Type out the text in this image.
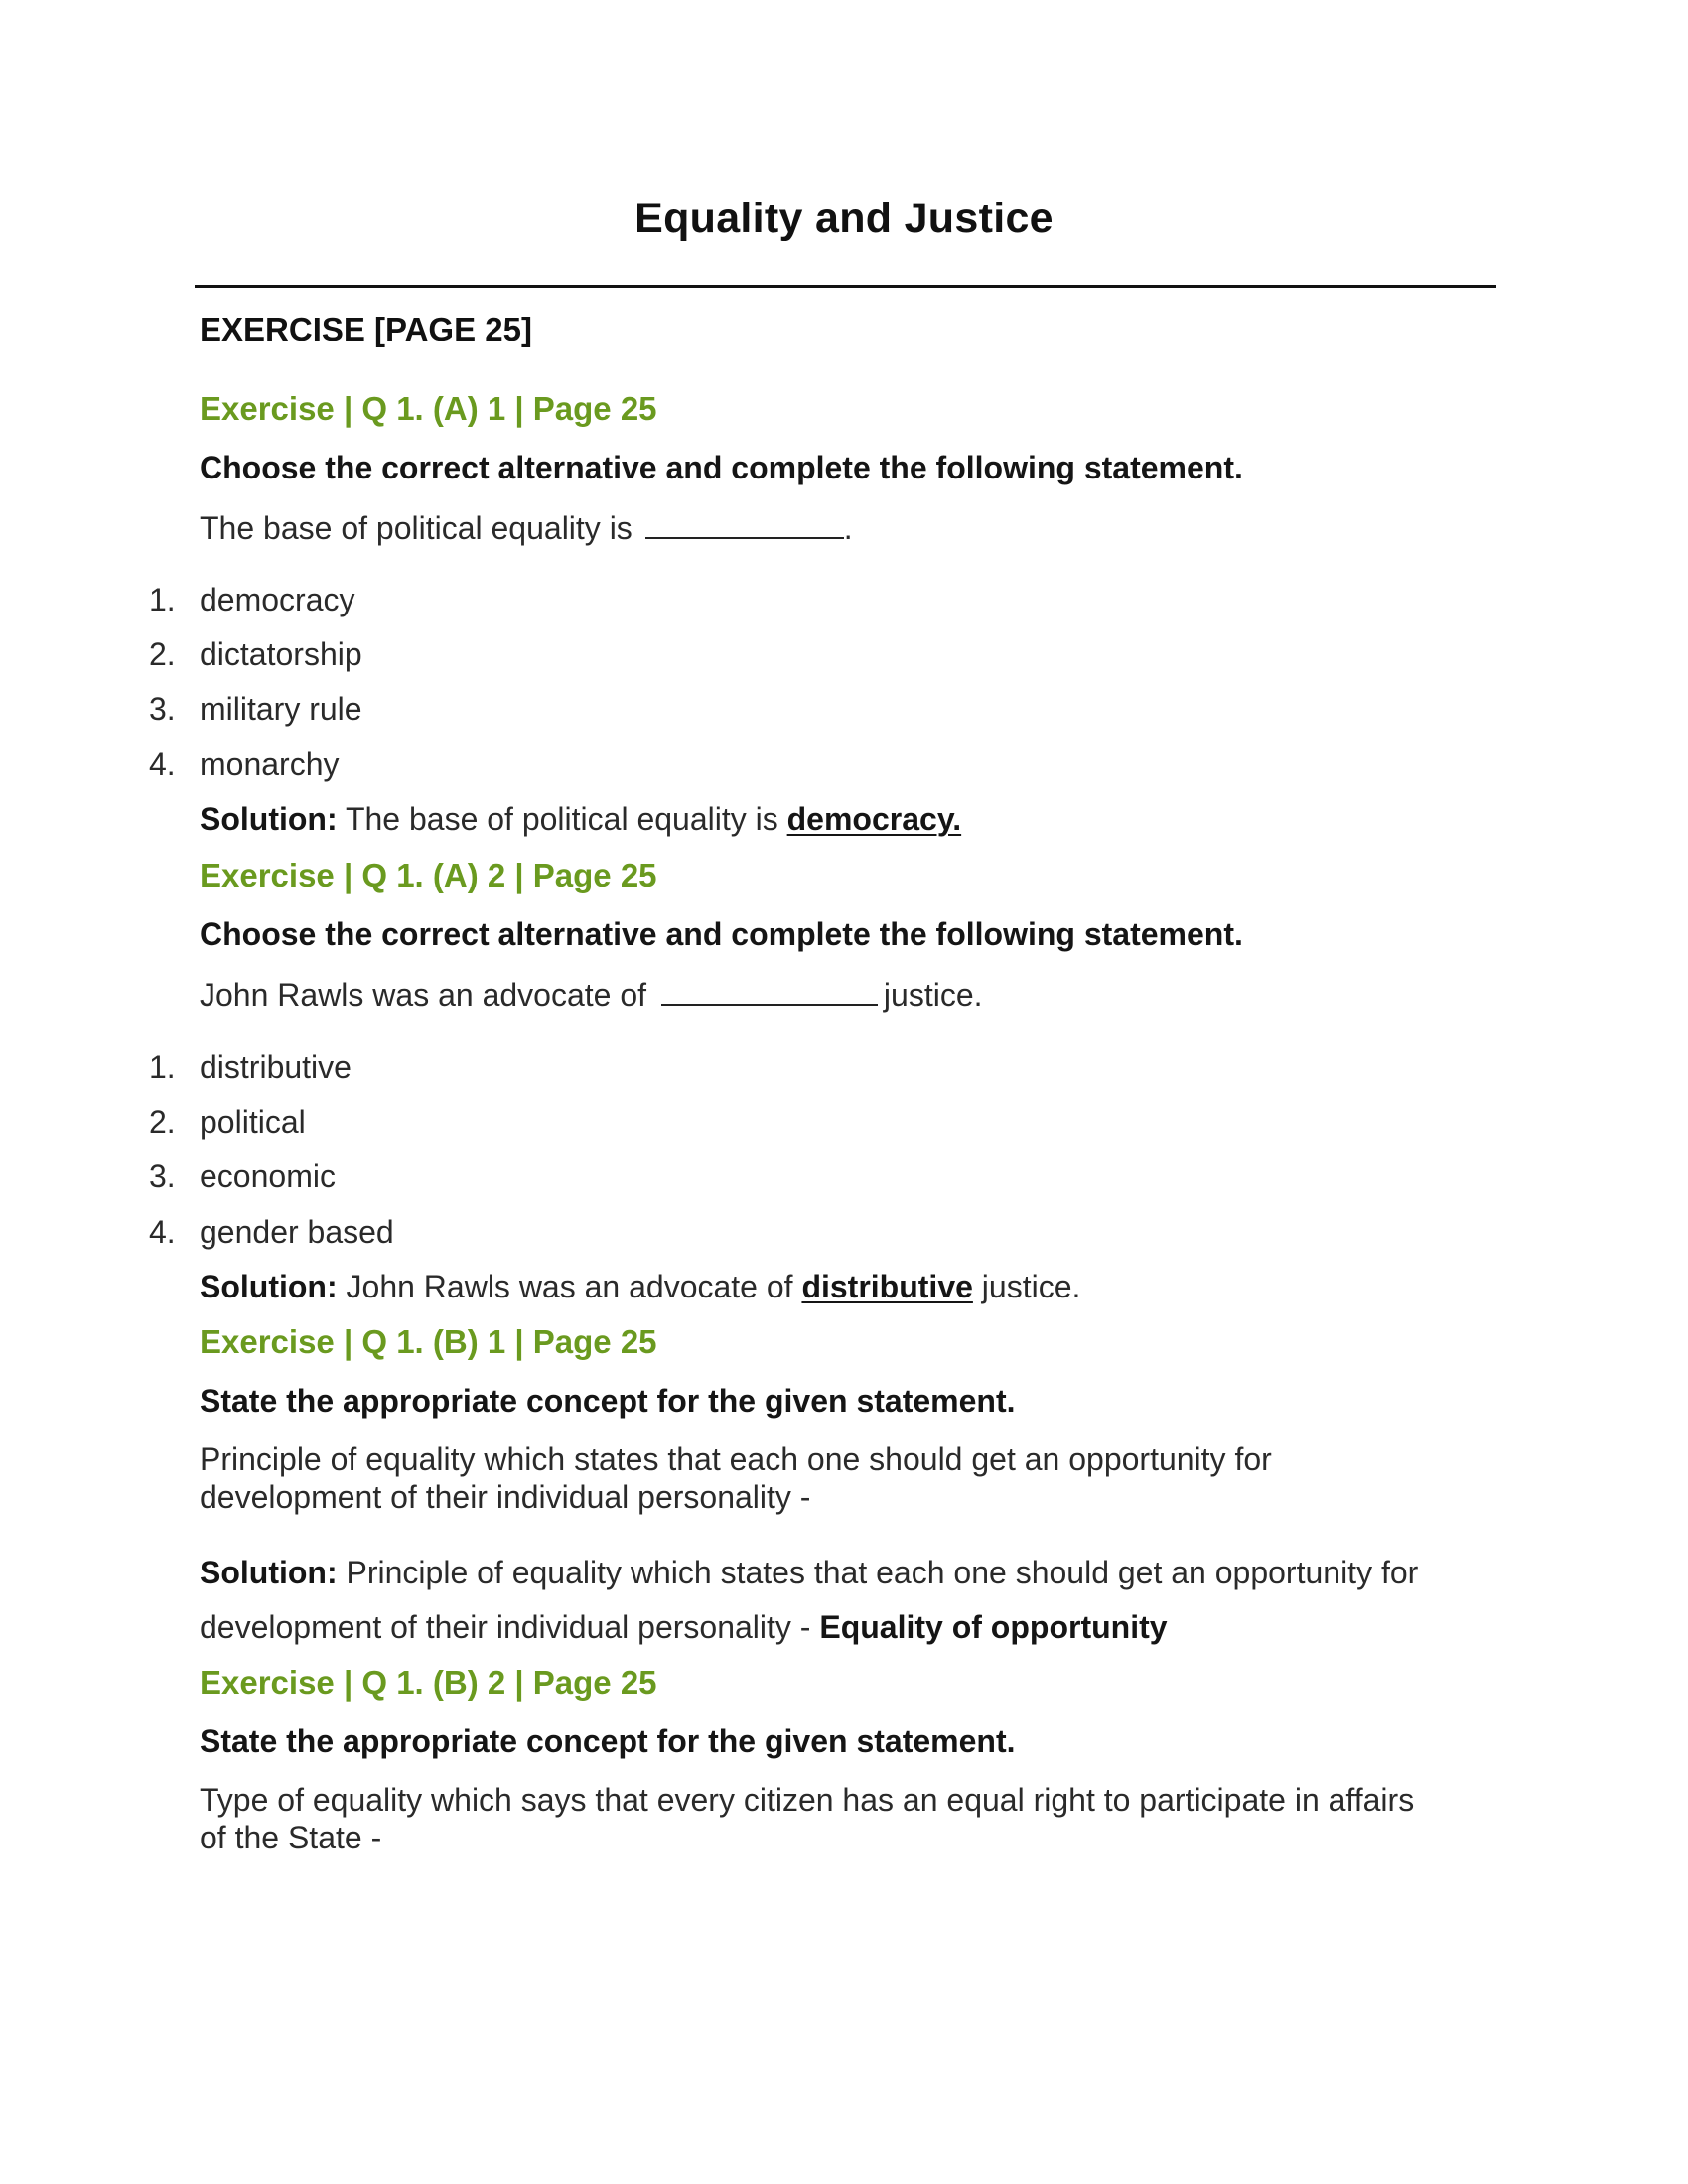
Equality and Justice
EXERCISE [PAGE 25]
Exercise | Q 1. (A) 1 | Page 25
Choose the correct alternative and complete the following statement.
The base of political equality is	.
1. democracy
2. dictatorship
3. military rule
4. monarchy
Solution: The base of political equality is democracy.
Exercise | Q 1. (A) 2 | Page 25
Choose the correct alternative and complete the following statement.
John Rawls was an advocate of	justice.
1. distributive
2. political
3. economic
4. gender based
Solution: John Rawls was an advocate of distributive justice.
Exercise | Q 1. (B) 1 | Page 25
State the appropriate concept for the given statement.
Principle of equality which states that each one should get an opportunity for
development of their individual personality -
Solution: Principle of equality which states that each one should get an opportunity for
development of their individual personality - Equality of opportunity
Exercise | Q 1. (B) 2 | Page 25
State the appropriate concept for the given statement.
Type of equality which says that every citizen has an equal right to participate in affairs
of the State -
